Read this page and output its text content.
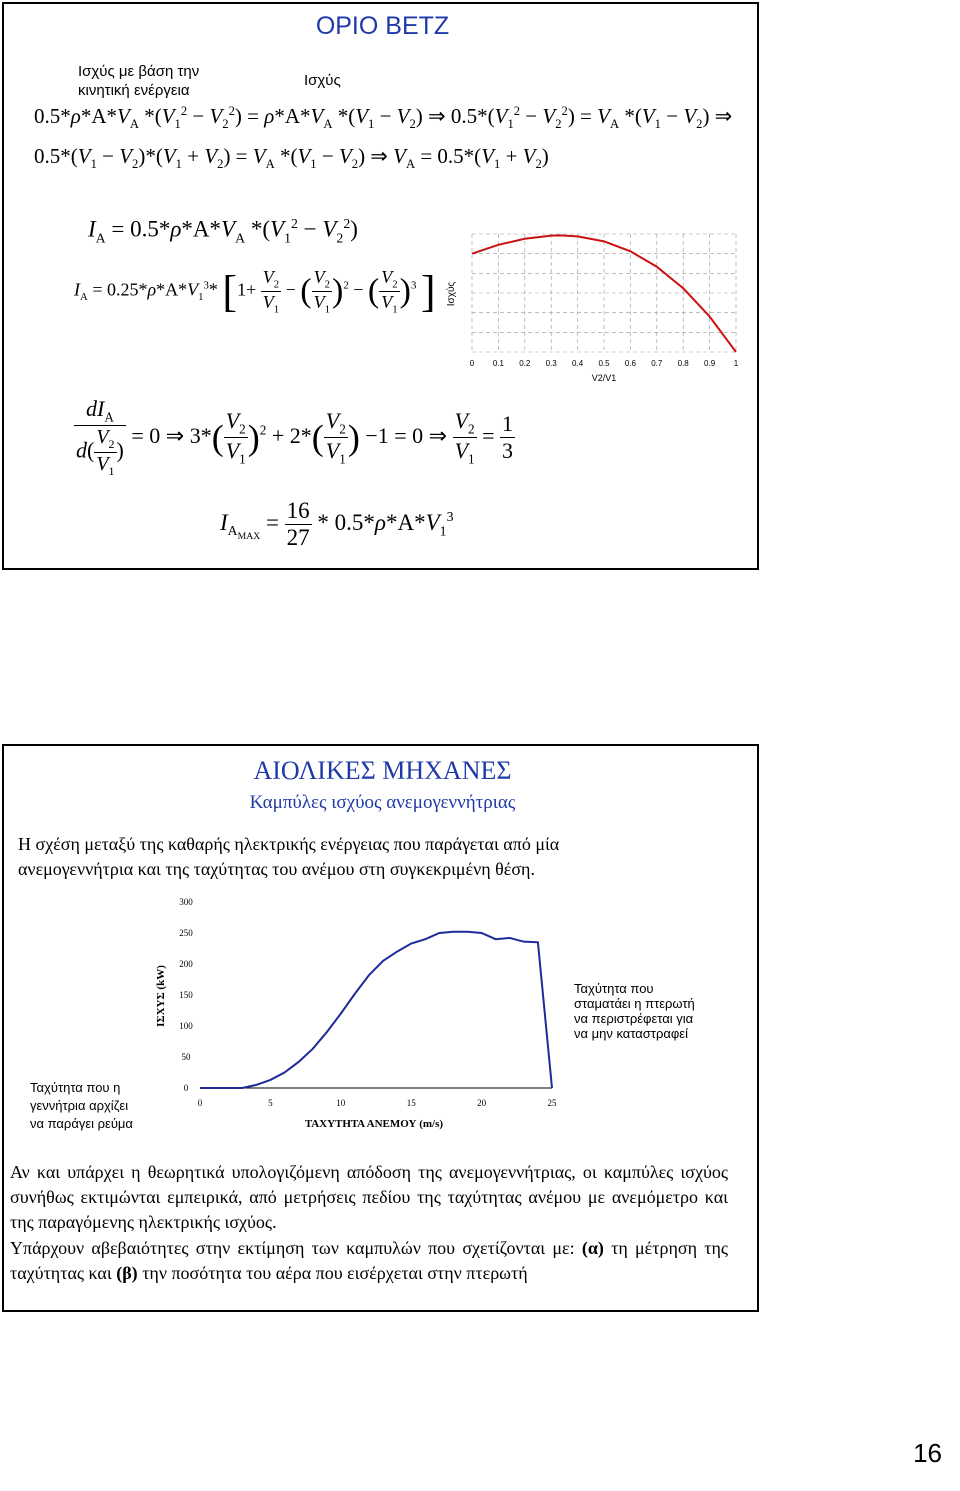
ΟΡΙΟ ΒΕΤΖ
Ισχύς με βάση την
κινητική ενέργεια
Ισχύς
$0.5*\rho*A*V_A$ $*(V_1^2 - V_2^2) = \rho*A*V_A$ $*(V_1 - V_2)$ ⇒ $0.5*(V_1^2 - V_2^2) = V_A$ $*(V_1 - V_2)$ ⇒
$0.5*(V_1 - V_2)*(V_1 + V_2) = V_A$ $*(V_1 - V_2)$ ⇒ $V_A = 0.5*(V_1 + V_2)$
$I_A = 0.5*\rho*A*V_A$ $*(V_1^2 - V_2^2)$
$I_A = 0.25*\rho*A*V_1^3*$ [$1+ \frac{V_2}{V_1}$ − ( $\frac{V_2}{V_1} )^2$ − ( $\frac{V_2}{V_1} )^3$ ]
$\frac{dI_A}{d( \frac{V_2}{V_1} )} = 0$ ⇒ $3*( \frac{V_2}{V_1} )^2 + 2*( \frac{V_2}{V_1}$ ) −1 = 0 ⇒ $\frac{V_2}{V_1} = \frac{1}{3}$
$I_{A_{MAX}} = \frac{16}{27} * 0.5*\rho*A*V_1^3$
0 0.1 0.2 0.3 0.4 0.5 0.6 0.7 0.8 0.9 1
Ισχύς
V2/V1
ΑΙΟΛΙΚΕΣ ΜΗΧΑΝΕΣ
Καμπύλες ισχύος ανεμογεννήτριας
Η σχέση μεταξύ της καθαρής ηλεκτρικής ενέργειας που παράγεται από μία
ανεμογεννήτρια και της ταχύτητας του ανέμου στη συγκεκριμένη θέση.
0
50
100
150
200
250
300
0	5	10	15	20	25
ΙΣΧΥΣ (kW)
ΤΑΧΥΤΗΤΑ ΑΝΕΜΟΥ (m/s)
Ταχύτητα που
σταματάει η πτερωτή
να περιστρέφεται για
να μην καταστραφεί
Ταχύτητα που η
γεννήτρια αρχίζει
να παράγει ρεύμα
Αν και υπάρχει η θεωρητικά υπολογιζόμενη απόδοση της ανεμογεννήτριας, οι καμπύλες ισχύος συνήθως εκτιμώνται εμπειρικά, από μετρήσεις πεδίου της ταχύτητας ανέμου με ανεμόμετρο και της παραγόμενης ηλεκτρικής ισχύος.
Υπάρχουν αβεβαιότητες στην εκτίμηση των καμπυλών που σχετίζονται με: (α) τη μέτρηση της ταχύτητας και (β) την ποσότητα του αέρα που εισέρχεται στην πτερωτή
16
